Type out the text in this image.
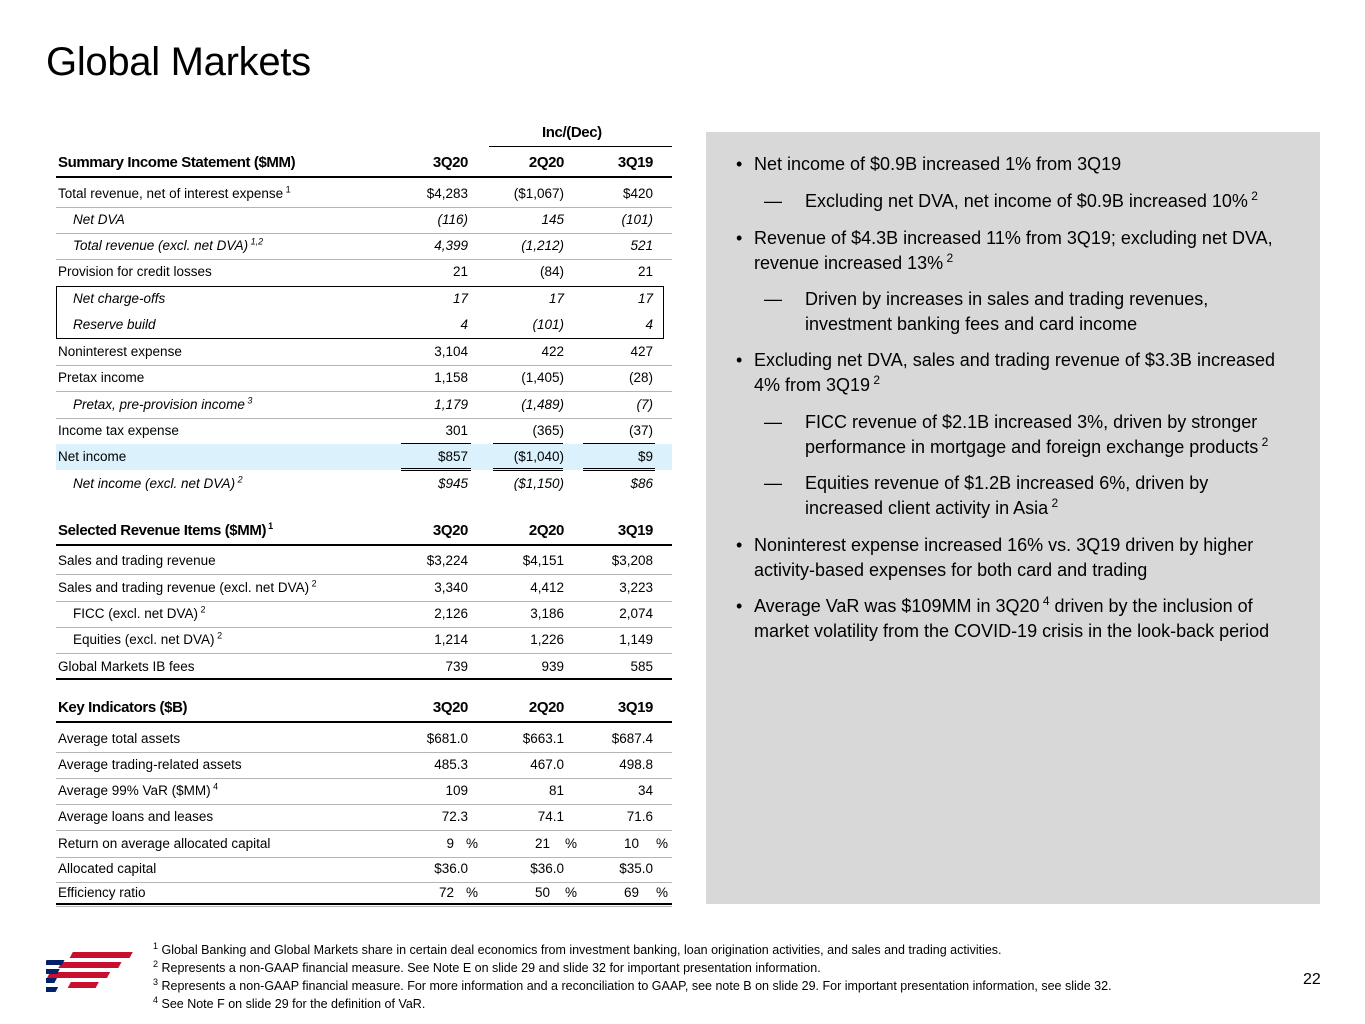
Global Markets
Inc/(Dec)
Summary Income Statement ($MM)	3Q20	2Q20	3Q19
Total revenue, net of interest expense $^1$	$4,283	($1,067)	$420
Net DVA	(116)	145	(101)
Total revenue (excl. net DVA) $^{1,2}$	4,399	(1,212)	521
Provision for credit losses	21	(84)	21
Net charge-offs	17	17	17
Reserve build	4	(101)	4
Noninterest expense	3,104	422	427
Pretax income	1,158	(1,405)	(28)
Pretax, pre-provision income $^3$	1,179	(1,489)	(7)
Income tax expense	301	(365)	(37)
Net income	$857	($1,040)	$9
Net income (excl. net DVA) $^2$	$945	($1,150)	$86
Selected Revenue Items ($MM) $^1$	3Q20	2Q20	3Q19
Sales and trading revenue	$3,224	$4,151	$3,208
Sales and trading revenue (excl. net DVA) $^2$	3,340	4,412	3,223
FICC (excl. net DVA) $^2$	2,126	3,186	2,074
Equities (excl. net DVA) $^2$	1,214	1,226	1,149
Global Markets IB fees	739	939	585
Key Indicators ($B)	3Q20	2Q20	3Q19
Average total assets	$681.0	$663.1	$687.4
Average trading-related assets	485.3	467.0	498.8
Average 99% VaR ($MM) $^4$	109	81	34
Average loans and leases	72.3	74.1	71.6
Return on average allocated capital	9 %	21 %	10 %
Allocated capital	$36.0	$36.0	$35.0
Efficiency ratio	72 %	50 %	69 %
• Net income of $0.9B increased 1% from 3Q19
— Excluding net DVA, net income of $0.9B increased 10% $^2$
• Revenue of $4.3B increased 11% from 3Q19; excluding net DVA,
revenue increased 13% $^2$
— Driven by increases in sales and trading revenues,
investment banking fees and card income
• Excluding net DVA, sales and trading revenue of $3.3B increased
4% from 3Q19 $^2$
— FICC revenue of $2.1B increased 3%, driven by stronger
performance in mortgage and foreign exchange products $^2$
— Equities revenue of $1.2B increased 6%, driven by
increased client activity in Asia $^2$
• Noninterest expense increased 16% vs. 3Q19 driven by higher
activity-based expenses for both card and trading
• Average VaR was $109MM in 3Q20 $^4$ driven by the inclusion of
market volatility from the COVID-19 crisis in the look-back period
$^1$ Global Banking and Global Markets share in certain deal economics from investment banking, loan origination activities, and sales and trading activities.
$^2$ Represents a non-GAAP financial measure. See Note E on slide 29 and slide 32 for important presentation information.
$^3$ Represents a non-GAAP financial measure. For more information and a reconciliation to GAAP, see note B on slide 29. For important presentation information, see slide 32.
$^4$ See Note F on slide 29 for the definition of VaR.
22
